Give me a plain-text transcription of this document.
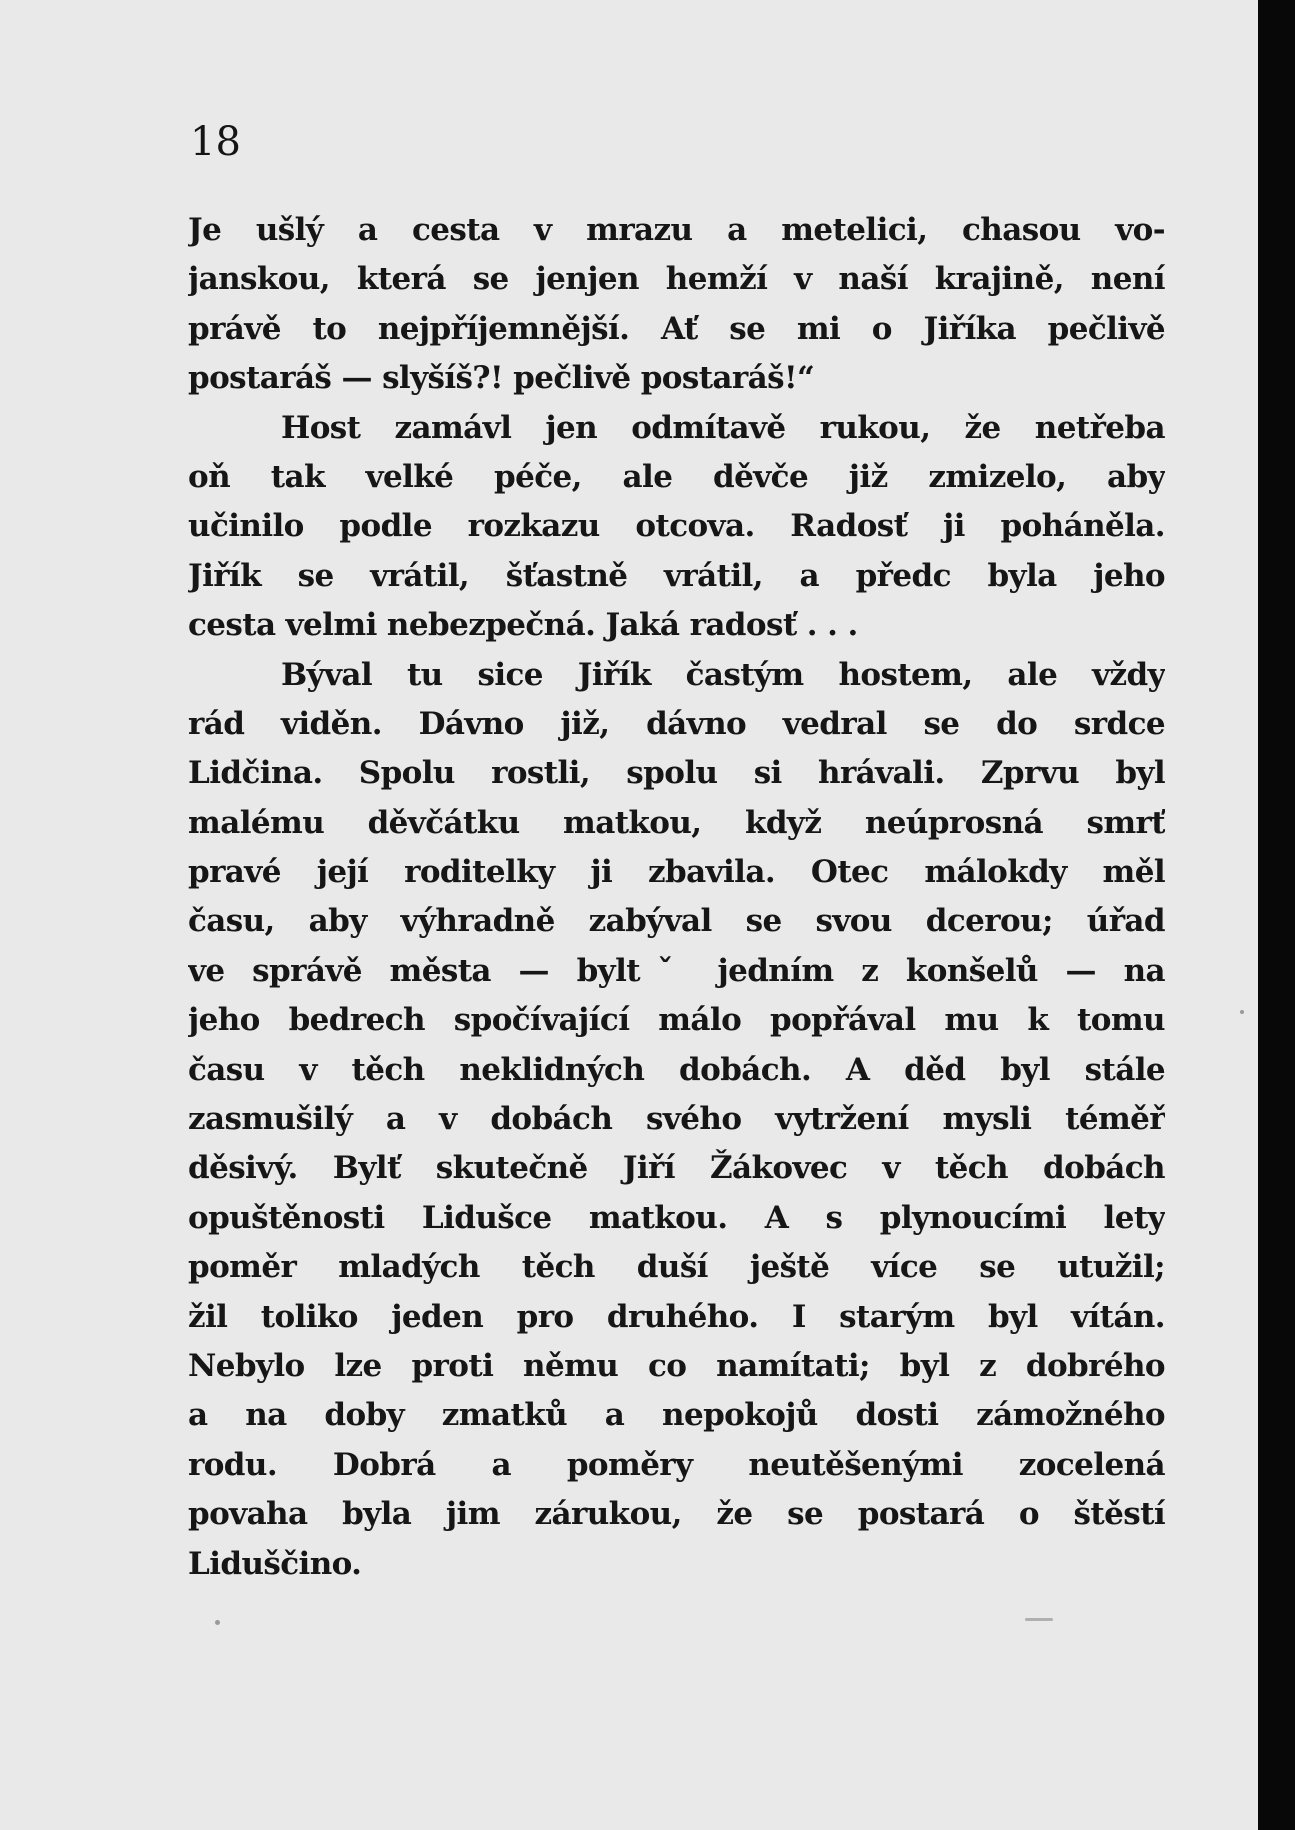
18
Je ušlý a cesta v mrazu a metelici, chasou vo-
janskou, která se jenjen hemží v naší krajině, není
právě to nejpříjemnější. Ať se mi o Jiříka pečlivě
postaráš — slyšíš?! pečlivě postaráš!“
Host zamávl jen odmítavě rukou, že netřeba
oň tak velké péče, ale děvče již zmizelo, aby
učinilo podle rozkazu otcova. Radosť ji poháněla.
Jiřík se vrátil, šťastně vrátil, a předc byla jeho
cesta velmi nebezpečná. Jaká radosť . . .
Býval tu sice Jiřík častým hostem, ale vždy
rád viděn. Dávno již, dávno vedral se do srdce
Lidčina. Spolu rostli, spolu si hrávali. Zprvu byl
malému děvčátku matkou, když neúprosná smrť
pravé její roditelky ji zbavila. Otec málokdy měl
času, aby výhradně zabýval se svou dcerou; úřad
ve správě města — byltˇ jedním z konšelů — na
jeho bedrech spočívající málo popřával mu k tomu
času v těch neklidných dobách. A děd byl stále
zasmušilý a v dobách svého vytržení mysli téměř
děsivý. Bylť skutečně Jiří Žákovec v těch dobách
opuštěnosti Lidušce matkou. A s plynoucími lety
poměr mladých těch duší ještě více se utužil;
žil toliko jeden pro druhého. I starým byl vítán.
Nebylo lze proti němu co namítati; byl z dobrého
a na doby zmatků a nepokojů dosti zámožného
rodu. Dobrá a poměry neutěšenými zocelená
povaha byla jim zárukou, že se postará o štěstí
Liduščino.
